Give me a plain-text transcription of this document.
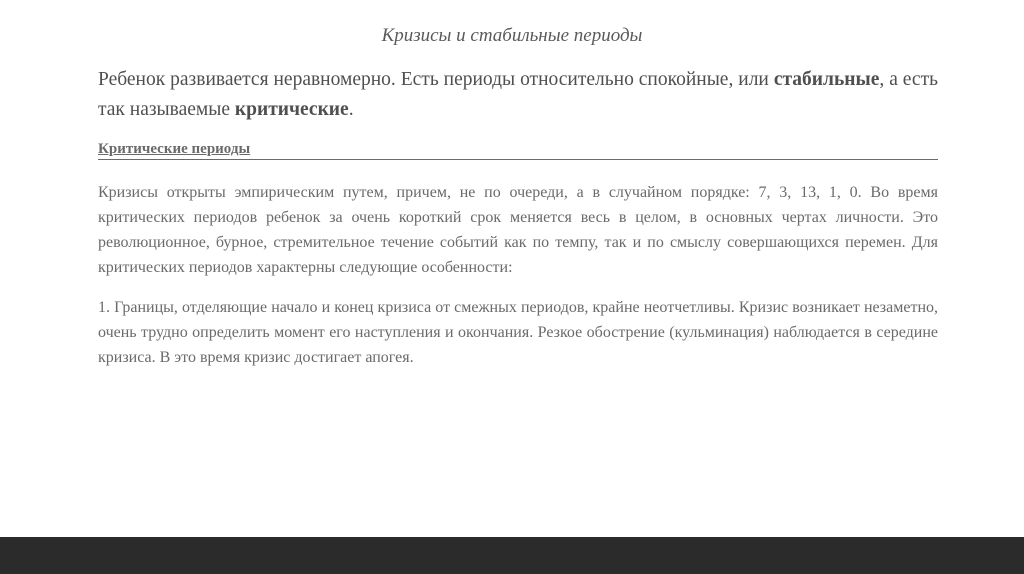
Кризисы и стабильные периоды
Ребенок развивается неравномерно. Есть периоды относительно спокойные, или стабильные, а есть так называемые критические.
Критические периоды
Кризисы открыты эмпирическим путем, причем, не по очереди, а в случайном порядке: 7, 3, 13, 1, 0. Во время критических периодов ребенок за очень короткий срок меняется весь в целом, в основных чертах личности. Это революционное, бурное, стремительное течение событий как по темпу, так и по смыслу совершающихся перемен. Для критических периодов характерны следующие особенности:
1. Границы, отделяющие начало и конец кризиса от смежных периодов, крайне неотчетливы. Кризис возникает незаметно, очень трудно определить момент его наступления и окончания. Резкое обострение (кульминация) наблюдается в середине кризиса. В это время кризис достигает апогея.
